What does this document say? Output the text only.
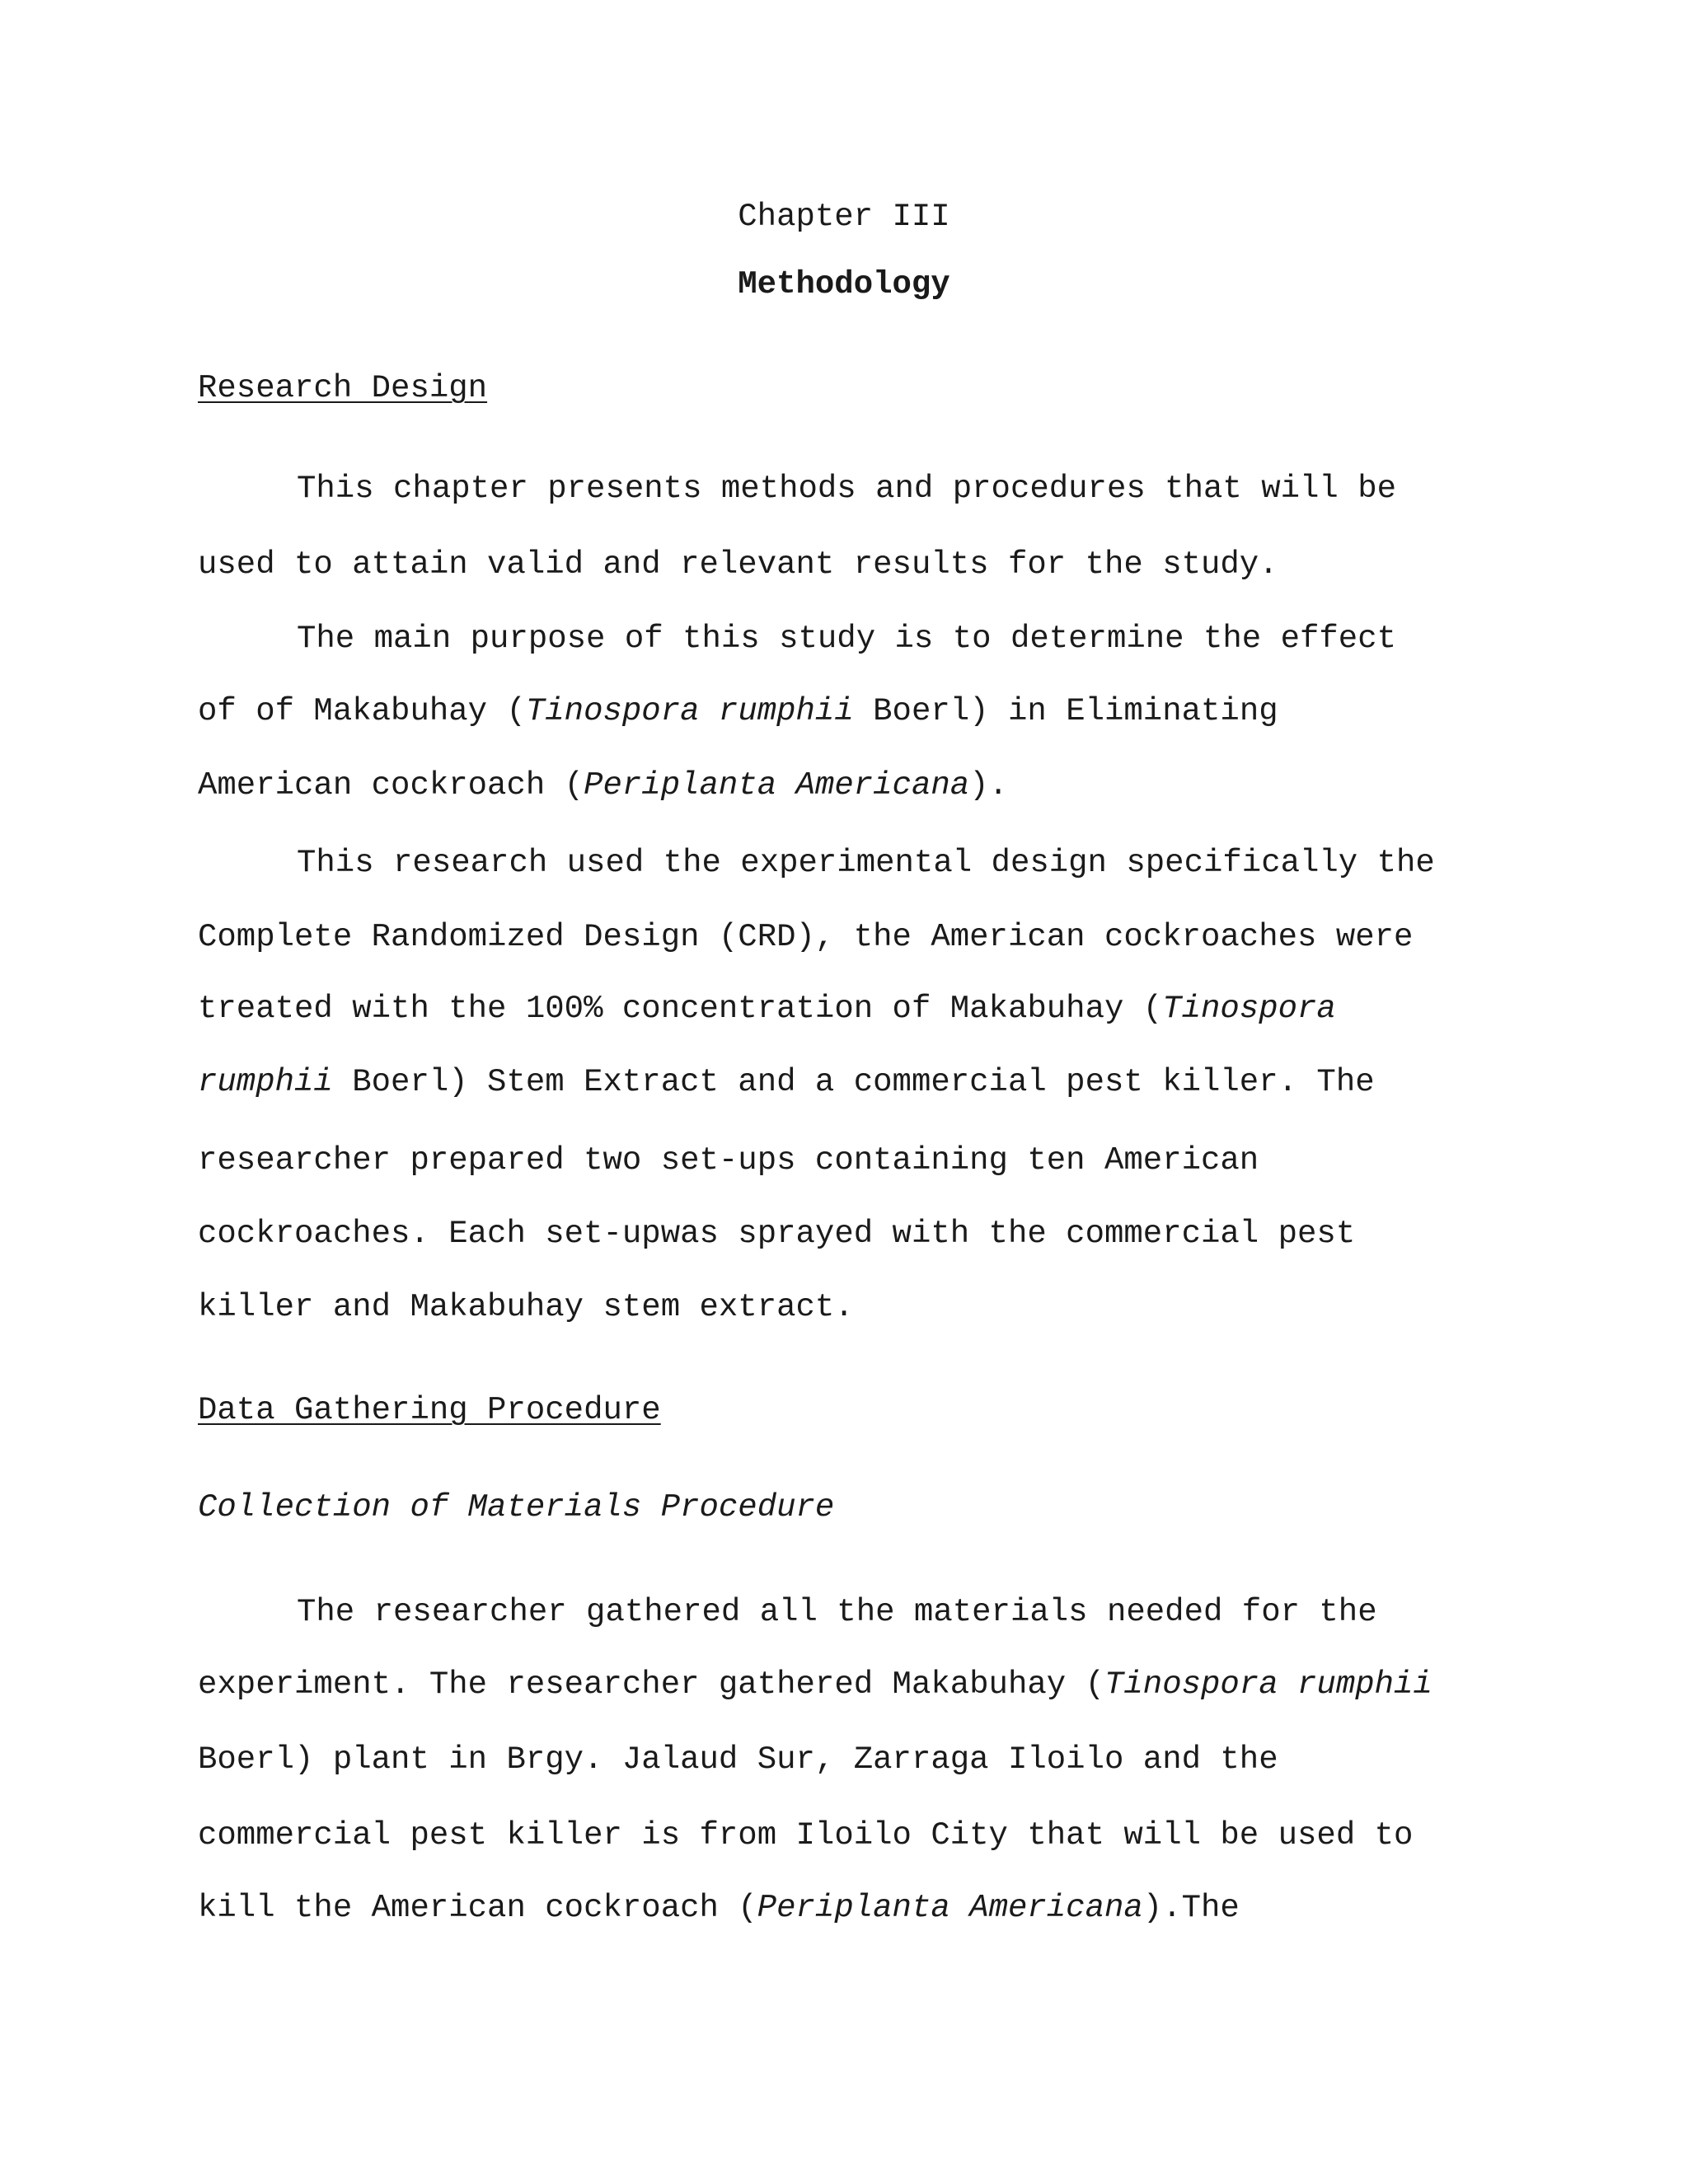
Chapter III
Methodology
Research Design
This chapter presents methods and procedures that will be
used to attain valid and relevant results for the study.
The main purpose of this study is to determine the effect
of of Makabuhay (Tinospora rumphii Boerl) in Eliminating
American cockroach (Periplanta Americana).
This research used the experimental design specifically the
Complete Randomized Design (CRD), the American cockroaches were
treated with the 100% concentration of Makabuhay (Tinospora
rumphii Boerl) Stem Extract and a commercial pest killer. The
researcher prepared two set-ups containing ten American
cockroaches. Each set-upwas sprayed with the commercial pest
killer and Makabuhay stem extract.
Data Gathering Procedure
Collection of Materials Procedure
The researcher gathered all the materials needed for the
experiment. The researcher gathered Makabuhay (Tinospora rumphii
Boerl) plant in Brgy. Jalaud Sur, Zarraga Iloilo and the
commercial pest killer is from Iloilo City that will be used to
kill the American cockroach (Periplanta Americana).The
